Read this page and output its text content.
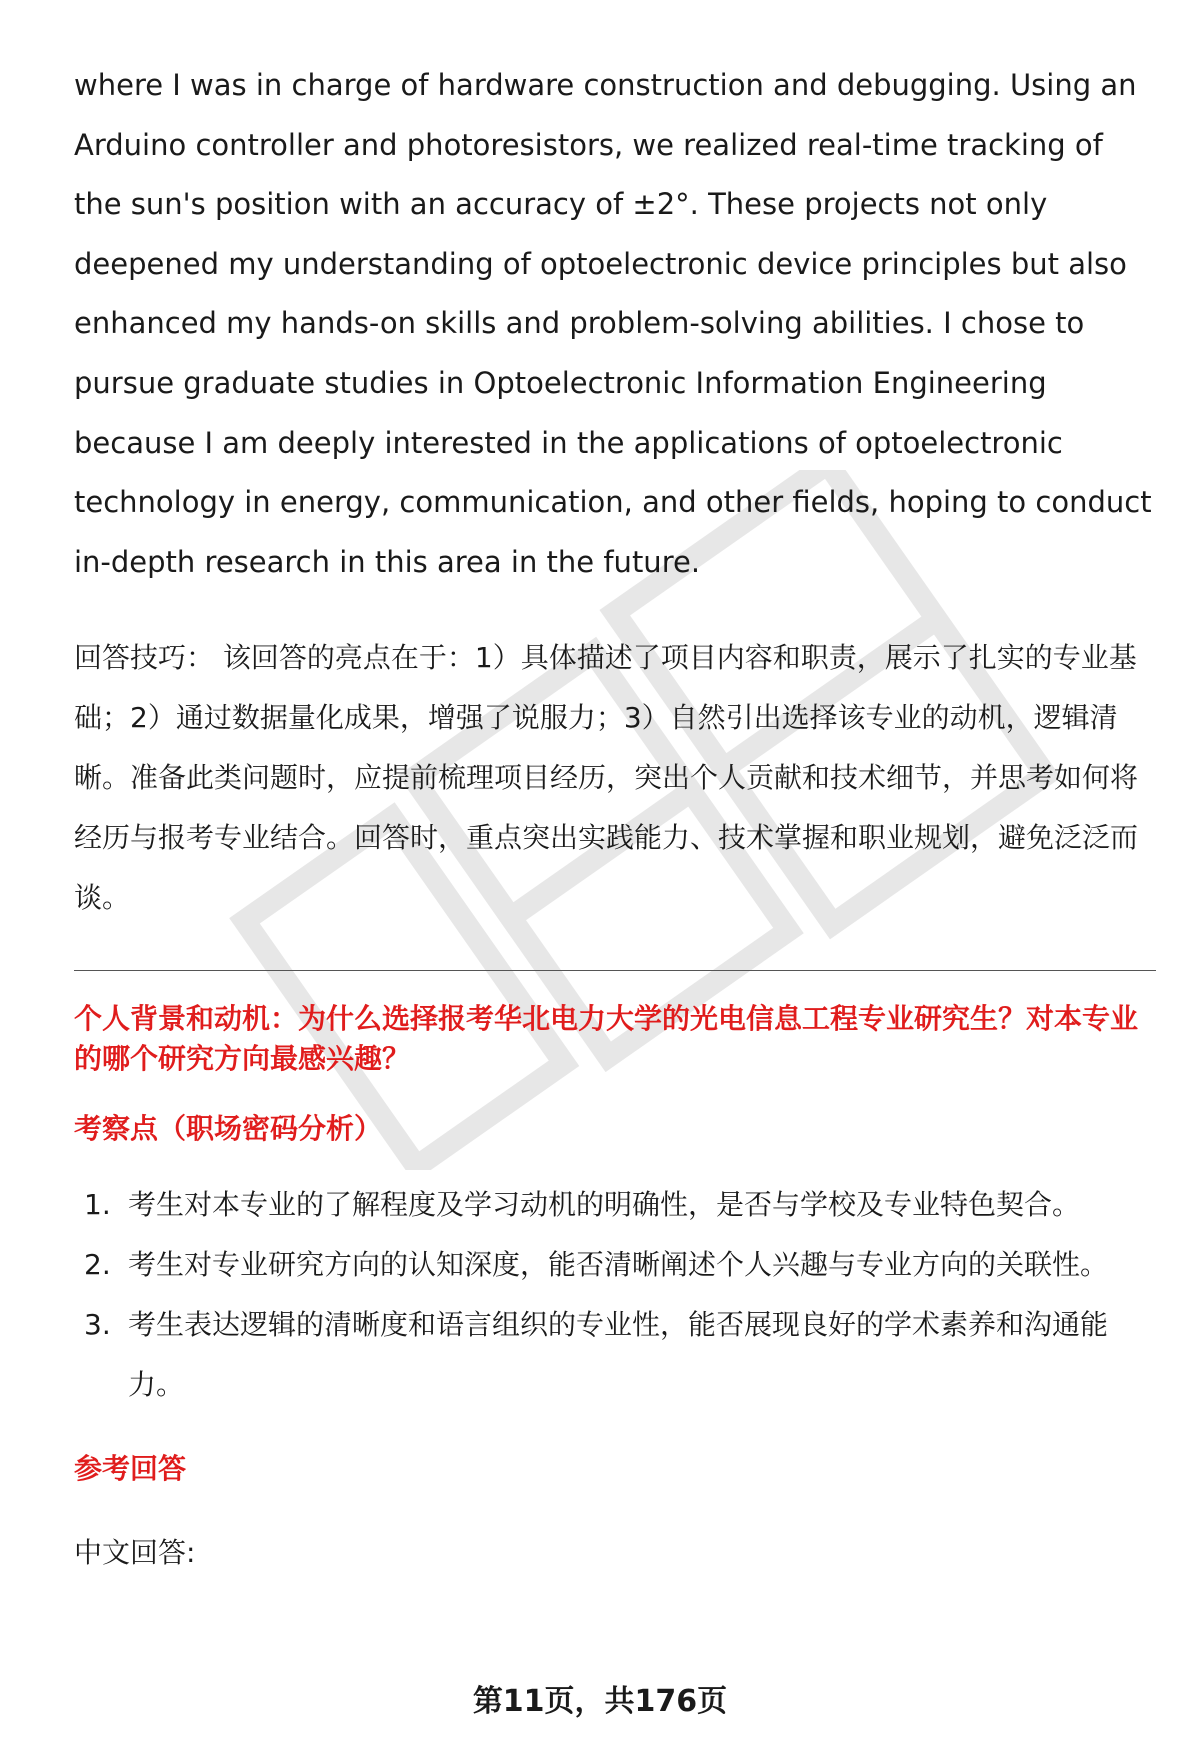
where I was in charge of hardware construction and debugging. Using an Arduino controller and photoresistors, we realized real-time tracking of the sun's position with an accuracy of ±2°. These projects not only deepened my understanding of optoelectronic device principles but also enhanced my hands-on skills and problem-solving abilities. I chose to pursue graduate studies in Optoelectronic Information Engineering because I am deeply interested in the applications of optoelectronic technology in energy, communication, and other fields, hoping to conduct in-depth research in this area in the future.

回答技巧： 该回答的亮点在于：1）具体描述了项目内容和职责，展示了扎实的专业基础；2）通过数据量化成果，增强了说服力；3）自然引出选择该专业的动机，逻辑清晰。准备此类问题时，应提前梳理项目经历，突出个人贡献和技术细节，并思考如何将经历与报考专业结合。回答时，重点突出实践能力、技术掌握和职业规划，避免泛泛而谈。

个人背景和动机：为什么选择报考华北电力大学的光电信息工程专业研究生？对本专业的哪个研究方向最感兴趣？
考察点（职场密码分析）
1. 考生对本专业的了解程度及学习动机的明确性，是否与学校及专业特色契合。
2. 考生对专业研究方向的认知深度，能否清晰阐述个人兴趣与专业方向的关联性。
3. 考生表达逻辑的清晰度和语言组织的专业性，能否展现良好的学术素养和沟通能力。
参考回答
中文回答:
第11页，共176页
